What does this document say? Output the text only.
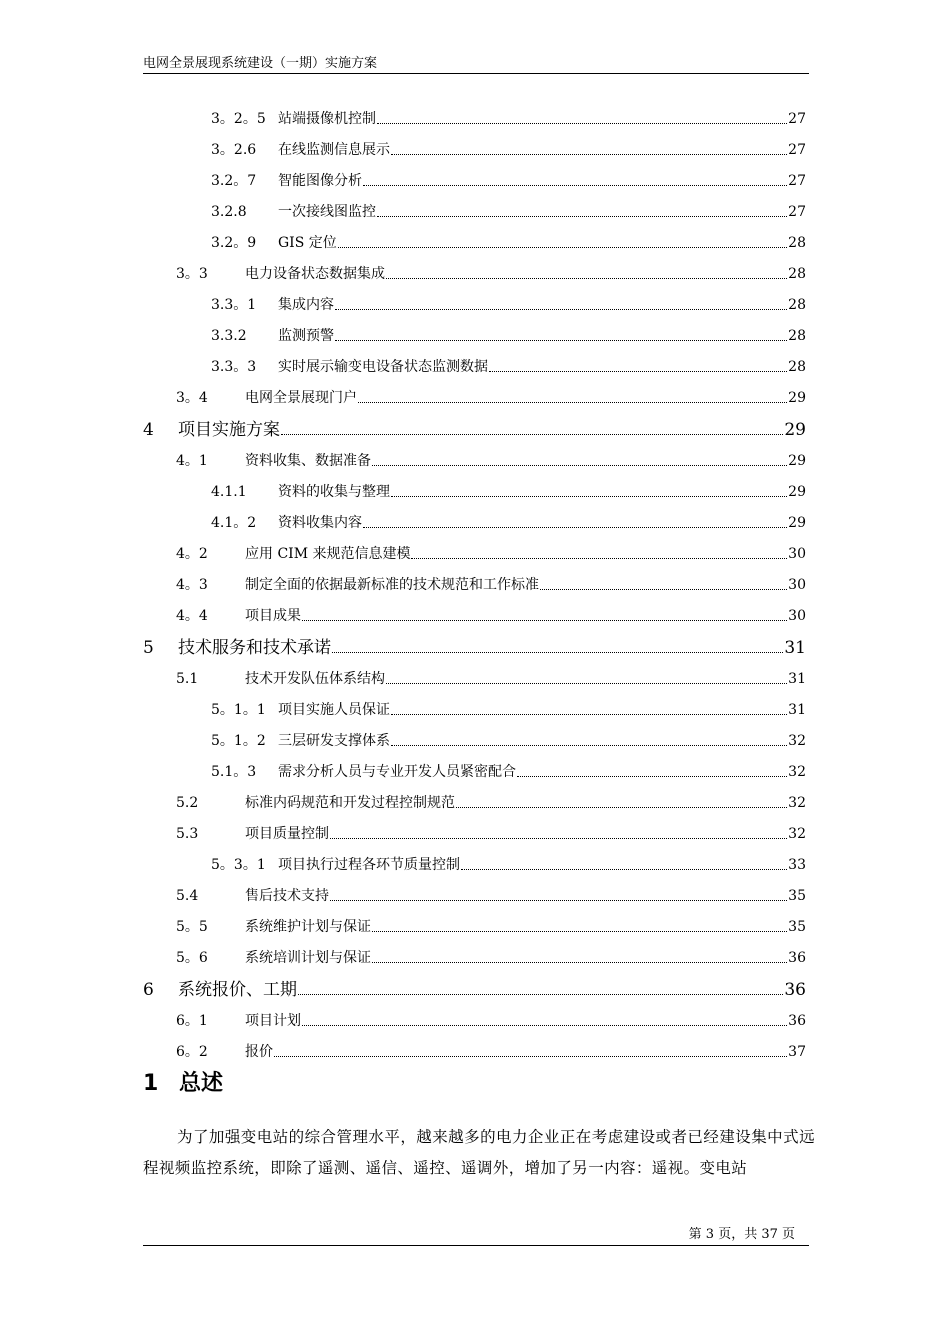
电网全景展现系统建设（一期）实施方案
3。2。5 站端摄像机控制	27
3。2.6	在线监测信息展示	27
3.2。7	智能图像分析	27
3.2.8	一次接线图监控	27
3.2。9	GIS 定位	28
3。3	电力设备状态数据集成	28
3.3。1	集成内容	28
3.3.2	监测预警	28
3.3。3	实时展示输变电设备状态监测数据	28
3。4	电网全景展现门户	29
4	项目实施方案	29
4。1	资料收集、数据准备	29
4.1.1	资料的收集与整理	29
4.1。2	资料收集内容	29
4。2	应用 CIM 来规范信息建模	30
4。3	制定全面的依据最新标准的技术规范和工作标准	30
4。4	项目成果	30
5	技术服务和技术承诺	31
5.1	技术开发队伍体系结构	31
5。1。1 项目实施人员保证	31
5。1。2 三层研发支撑体系	32
5.1。3	需求分析人员与专业开发人员紧密配合	32
5.2	标准内码规范和开发过程控制规范	32
5.3	项目质量控制	32
5。3。1 项目执行过程各环节质量控制	33
5.4	售后技术支持	35
5。5	系统维护计划与保证	35
5。6	系统培训计划与保证	36
6	系统报价、工期	36
6。1	项目计划	36
6。2	报价	37
1 总述
为了加强变电站的综合管理水平，越来越多的电力企业正在考虑建设或者已经建设集中式远程视频监控系统，即除了遥测、遥信、遥控、遥调外，增加了另一内容：遥视。变电站
第 3 页，共 37 页
